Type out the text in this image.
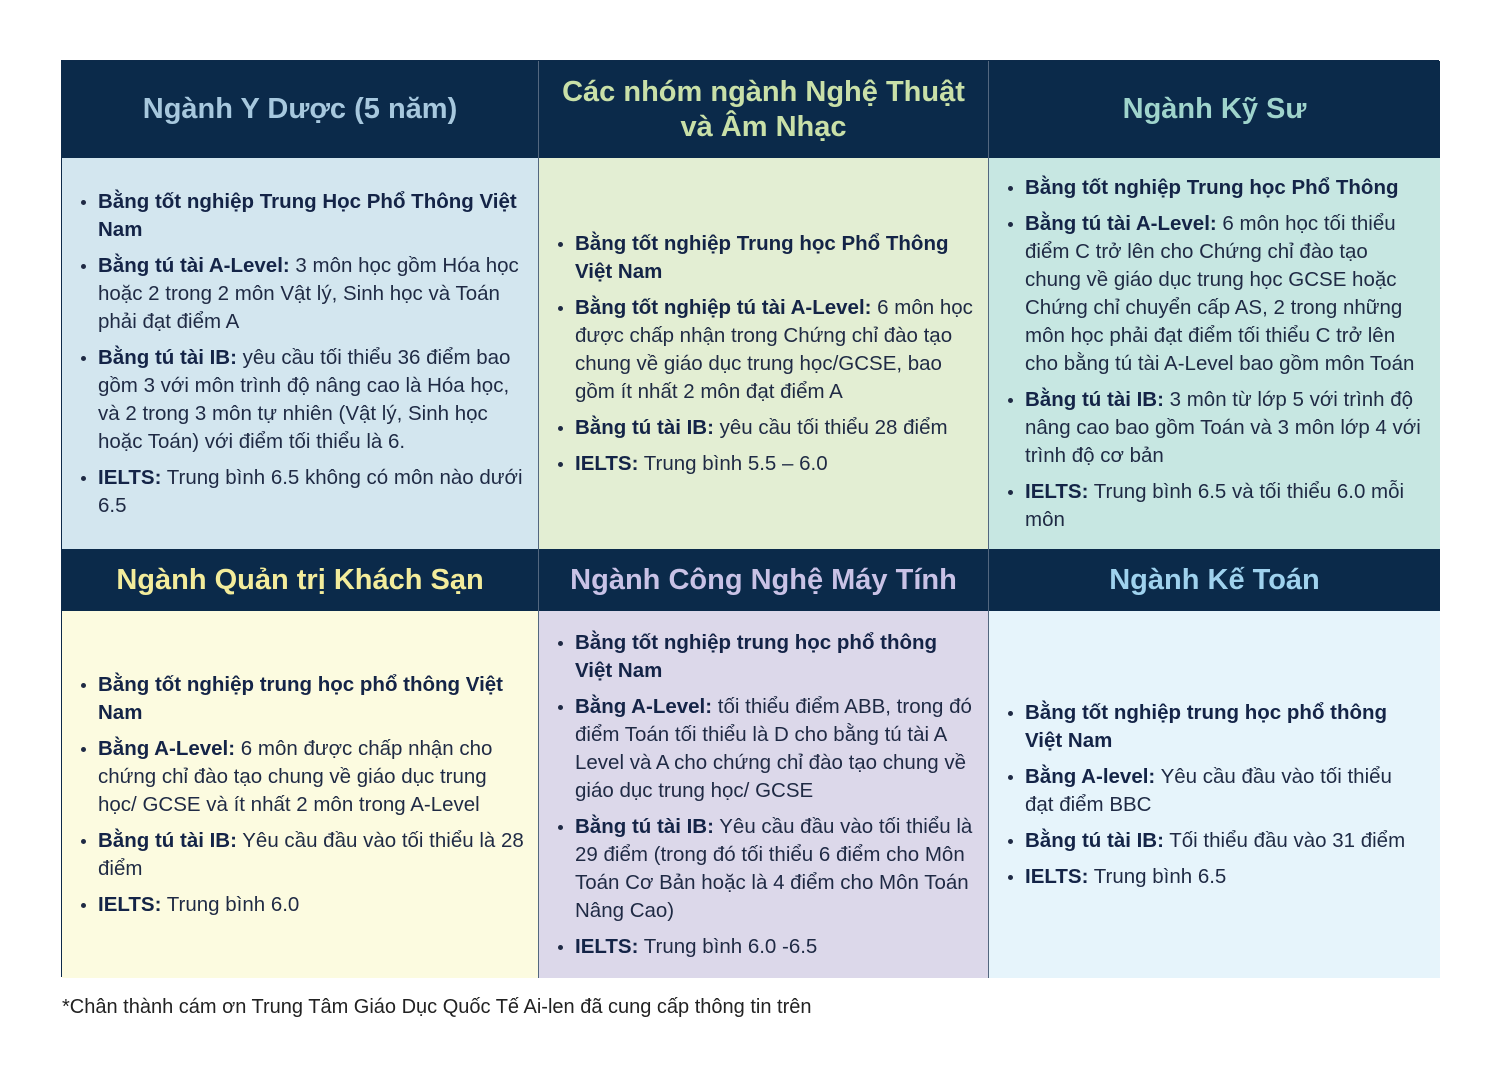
Ngành Y Dược (5 năm)
Các nhóm ngành Nghệ Thuật và Âm Nhạc
Ngành Kỹ Sư
Bằng tốt nghiệp Trung Học Phổ Thông Việt Nam
Bằng tú tài A-Level: 3 môn học gồm Hóa học hoặc 2 trong 2 môn Vật lý, Sinh học và Toán phải đạt điểm A
Bằng tú tài IB: yêu cầu tối thiểu 36 điểm bao gồm 3 với môn trình độ nâng cao là Hóa học, và 2 trong 3 môn tự nhiên (Vật lý, Sinh học hoặc Toán) với điểm tối thiểu là 6.
IELTS: Trung bình 6.5 không có môn nào dưới 6.5
Bằng tốt nghiệp Trung học Phổ Thông Việt Nam
Bằng tốt nghiệp tú tài A-Level: 6 môn học được chấp nhận trong Chứng chỉ đào tạo chung về giáo dục trung học/GCSE, bao gồm ít nhất 2 môn đạt điểm A
Bằng tú tài IB: yêu cầu tối thiểu 28 điểm
IELTS: Trung bình 5.5 – 6.0
Bằng tốt nghiệp Trung học Phổ Thông
Bằng tú tài A-Level: 6 môn học tối thiểu điểm C trở lên cho Chứng chỉ đào tạo chung về giáo dục trung học GCSE hoặc Chứng chỉ chuyển cấp AS, 2 trong những môn học phải đạt điểm tối thiểu C trở lên cho bằng tú tài A-Level bao gồm môn Toán
Bằng tú tài IB: 3 môn từ lớp 5 với trình độ nâng cao bao gồm Toán và 3 môn lớp 4 với trình độ cơ bản
IELTS: Trung bình 6.5 và tối thiểu 6.0 mỗi môn
Ngành Quản trị Khách Sạn	Ngành Công Nghệ Máy Tính	Ngành Kế Toán
Bằng tốt nghiệp trung học phổ thông Việt Nam
Bằng A-Level: 6 môn được chấp nhận cho chứng chỉ đào tạo chung về giáo dục trung học/ GCSE và ít nhất 2 môn trong A-Level
Bằng tú tài IB: Yêu cầu đầu vào tối thiểu là 28 điểm
IELTS: Trung bình 6.0
Bằng tốt nghiệp trung học phổ thông Việt Nam
Bằng A-Level: tối thiểu điểm ABB, trong đó điểm Toán tối thiểu là D cho bằng tú tài A Level và A cho chứng chỉ đào tạo chung về giáo dục trung học/ GCSE
Bằng tú tài IB: Yêu cầu đầu vào tối thiểu là 29 điểm (trong đó tối thiểu 6 điểm cho Môn Toán Cơ Bản hoặc là 4 điểm cho Môn Toán Nâng Cao)
IELTS: Trung bình 6.0 -6.5
Bằng tốt nghiệp trung học phổ thông Việt Nam
Bằng A-level: Yêu cầu đầu vào tối thiểu đạt điểm BBC
Bằng tú tài IB: Tối thiểu đầu vào 31 điểm
IELTS: Trung bình 6.5
*Chân thành cám ơn Trung Tâm Giáo Dục Quốc Tế Ai-len đã cung cấp thông tin trên
